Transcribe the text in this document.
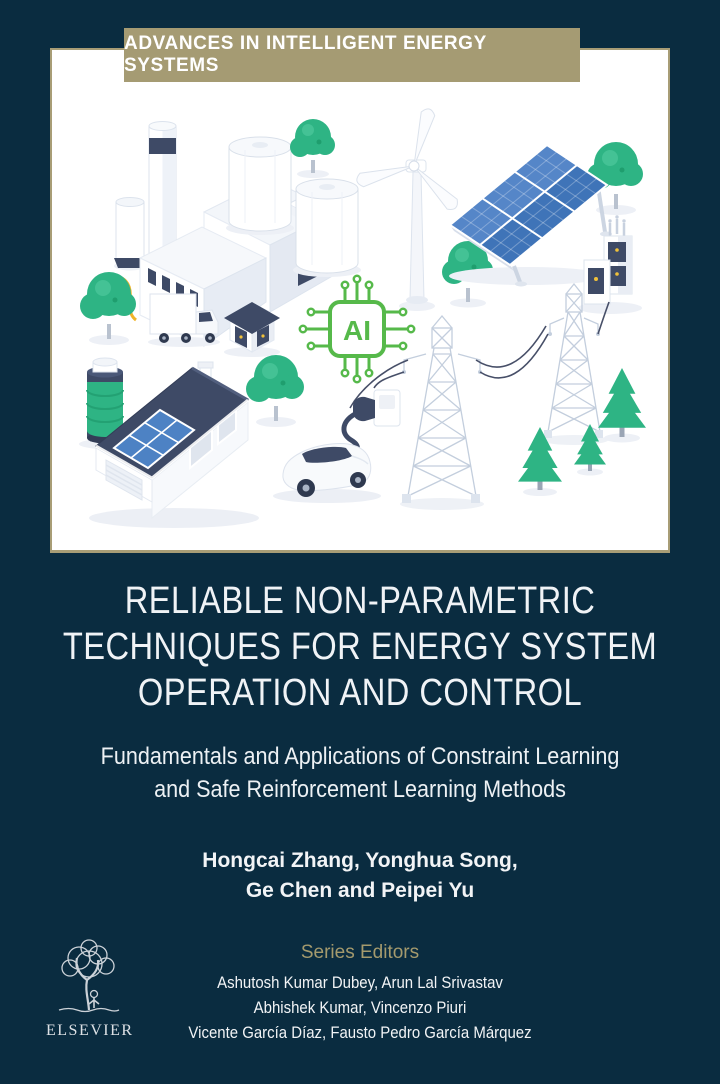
ADVANCES IN INTELLIGENT ENERGY SYSTEMS
AI
RELIABLE NON-PARAMETRIC
TECHNIQUES FOR ENERGY SYSTEM
OPERATION AND CONTROL
Fundamentals and Applications of Constraint Learning
and Safe Reinforcement Learning Methods
Hongcai Zhang, Yonghua Song,
Ge Chen and Peipei Yu
Series Editors
Ashutosh Kumar Dubey, Arun Lal Srivastav
Abhishek Kumar, Vincenzo Piuri
Vicente García Díaz, Fausto Pedro García Márquez
ELSEVIER
